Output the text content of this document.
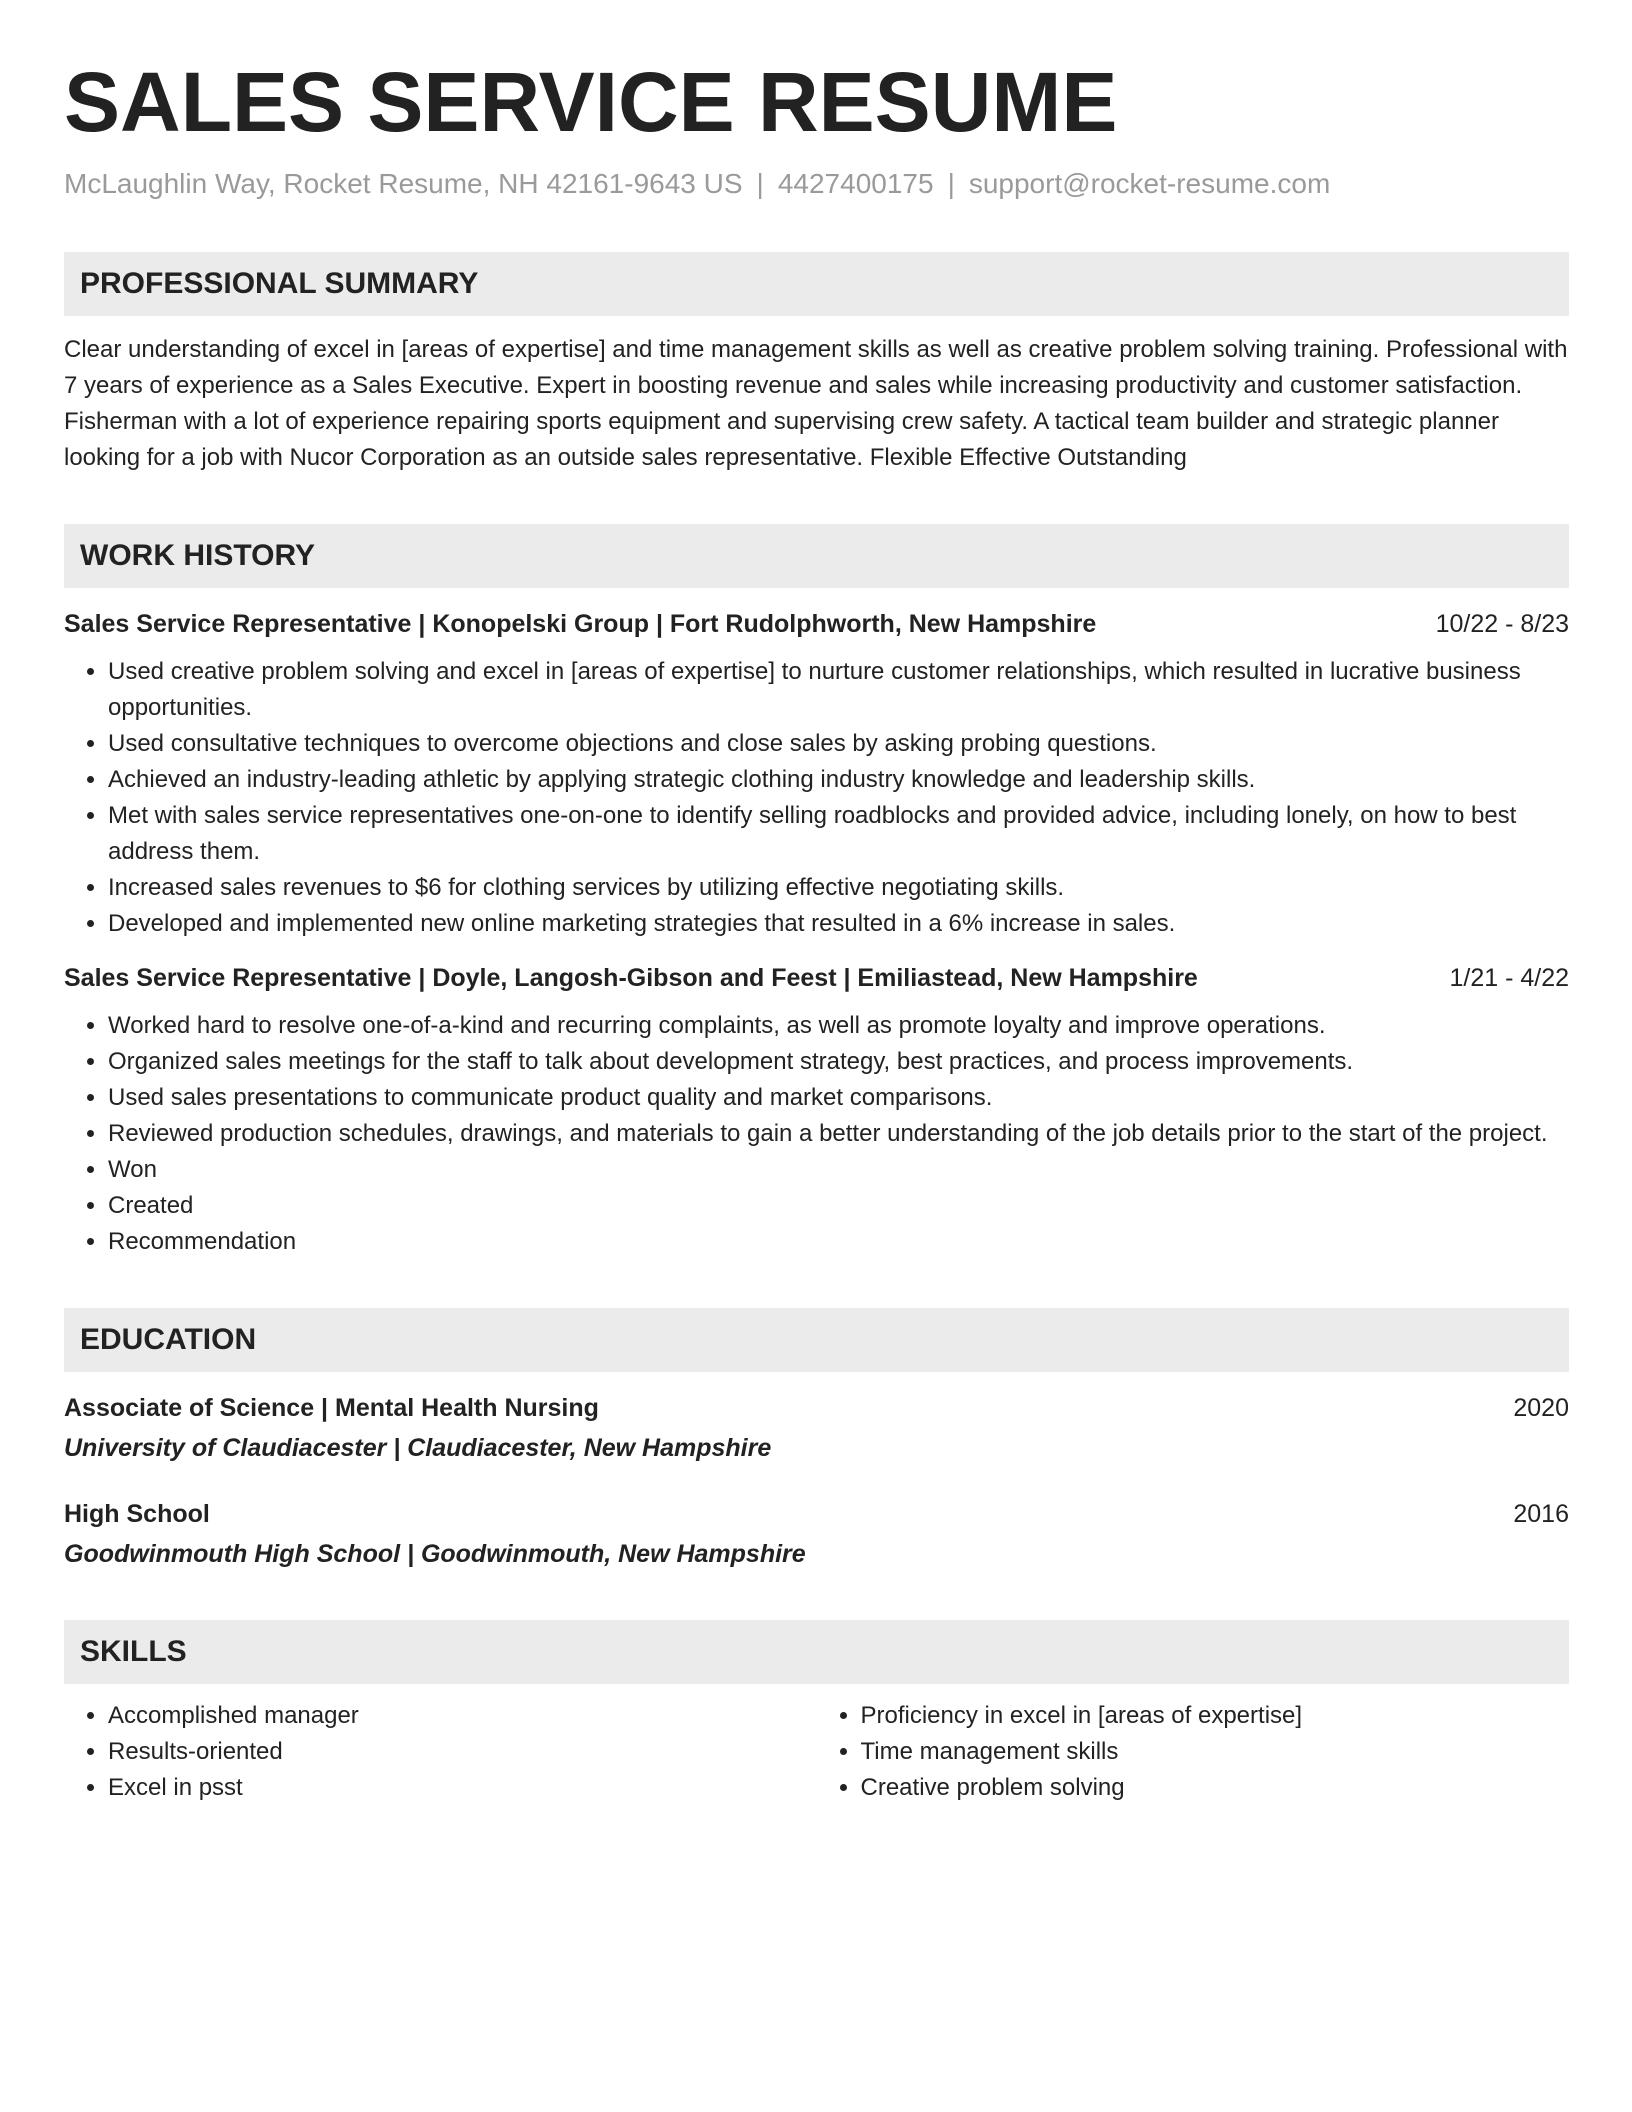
SALES SERVICE RESUME
McLaughlin Way, Rocket Resume, NH 42161-9643 US | 4427400175 | support@rocket-resume.com
PROFESSIONAL SUMMARY
Clear understanding of excel in [areas of expertise] and time management skills as well as creative problem solving training. Professional with 7 years of experience as a Sales Executive. Expert in boosting revenue and sales while increasing productivity and customer satisfaction. Fisherman with a lot of experience repairing sports equipment and supervising crew safety. A tactical team builder and strategic planner looking for a job with Nucor Corporation as an outside sales representative. Flexible Effective Outstanding
WORK HISTORY
Sales Service Representative | Konopelski Group | Fort Rudolphworth, New Hampshire	10/22 - 8/23
• Used creative problem solving and excel in [areas of expertise] to nurture customer relationships, which resulted in lucrative business opportunities.
• Used consultative techniques to overcome objections and close sales by asking probing questions.
• Achieved an industry-leading athletic by applying strategic clothing industry knowledge and leadership skills.
• Met with sales service representatives one-on-one to identify selling roadblocks and provided advice, including lonely, on how to best address them.
• Increased sales revenues to $6 for clothing services by utilizing effective negotiating skills.
• Developed and implemented new online marketing strategies that resulted in a 6% increase in sales.
Sales Service Representative | Doyle, Langosh-Gibson and Feest | Emiliastead, New Hampshire	1/21 - 4/22
• Worked hard to resolve one-of-a-kind and recurring complaints, as well as promote loyalty and improve operations.
• Organized sales meetings for the staff to talk about development strategy, best practices, and process improvements.
• Used sales presentations to communicate product quality and market comparisons.
• Reviewed production schedules, drawings, and materials to gain a better understanding of the job details prior to the start of the project.
• Won
• Created
• Recommendation
EDUCATION
Associate of Science | Mental Health Nursing	2020
University of Claudiacester | Claudiacester, New Hampshire
High School	2016
Goodwinmouth High School | Goodwinmouth, New Hampshire
SKILLS
• Accomplished manager
• Results-oriented
• Excel in psst
• Proficiency in excel in [areas of expertise]
• Time management skills
• Creative problem solving
